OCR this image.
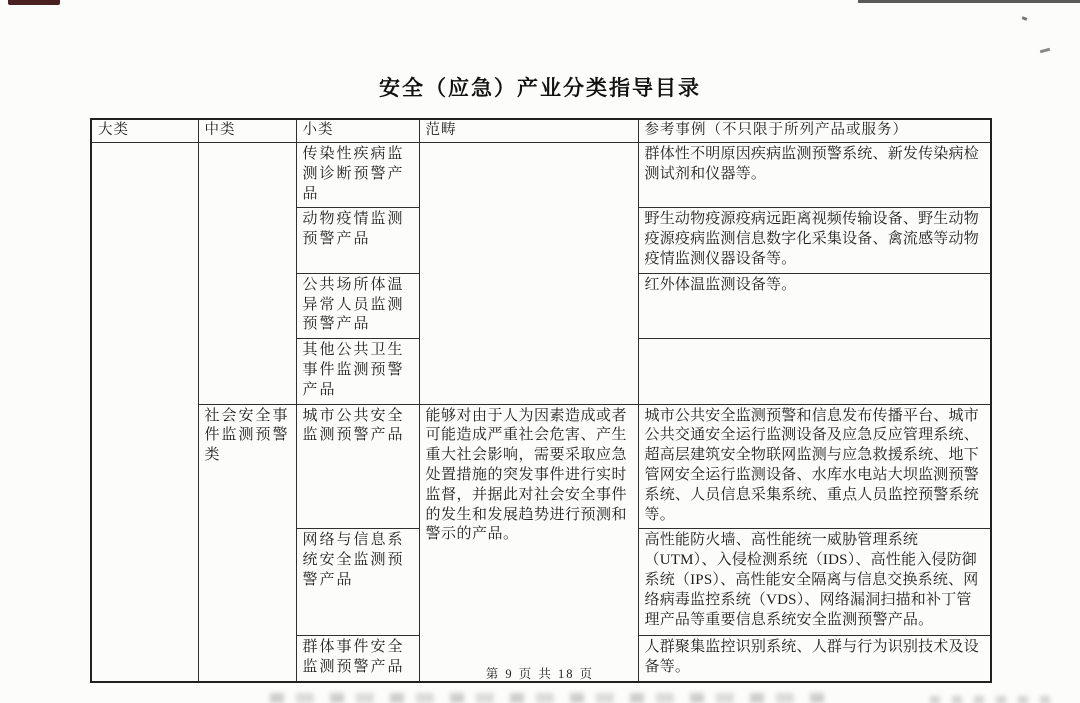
安全（应急）产业分类指导目录
大类	中类	小类	范畴	参考事例（不只限于所列产品或服务）
		传染性疾病监测诊断预警产品		群体性不明原因疾病监测预警系统、新发传染病检测试剂和仪器等。
		动物疫情监测预警产品		野生动物疫源疫病远距离视频传输设备、野生动物疫源疫病监测信息数字化采集设备、禽流感等动物疫情监测仪器设备等。
		公共场所体温异常人员监测预警产品		红外体温监测设备等。
		其他公共卫生事件监测预警产品		
	社会安全事件监测预警类	城市公共安全监测预警产品	能够对由于人为因素造成或者可能造成严重社会危害、产生重大社会影响，需要采取应急处置措施的突发事件进行实时监督，并据此对社会安全事件的发生和发展趋势进行预测和警示的产品。	城市公共安全监测预警和信息发布传播平台、城市公共交通安全运行监测设备及应急反应管理系统、超高层建筑安全物联网监测与应急救援系统、地下管网安全运行监测设备、水库水电站大坝监测预警系统、人员信息采集系统、重点人员监控预警系统等。
		网络与信息系统安全监测预警产品		高性能防火墙、高性能统一威胁管理系统（UTM）、入侵检测系统（IDS）、高性能入侵防御系统（IPS）、高性能安全隔离与信息交换系统、网络病毒监控系统（VDS）、网络漏洞扫描和补丁管理产品等重要信息系统安全监测预警产品。
		群体事件安全监测预警产品		人群聚集监控识别系统、人群与行为识别技术及设备等。
第 9 页 共 18 页
